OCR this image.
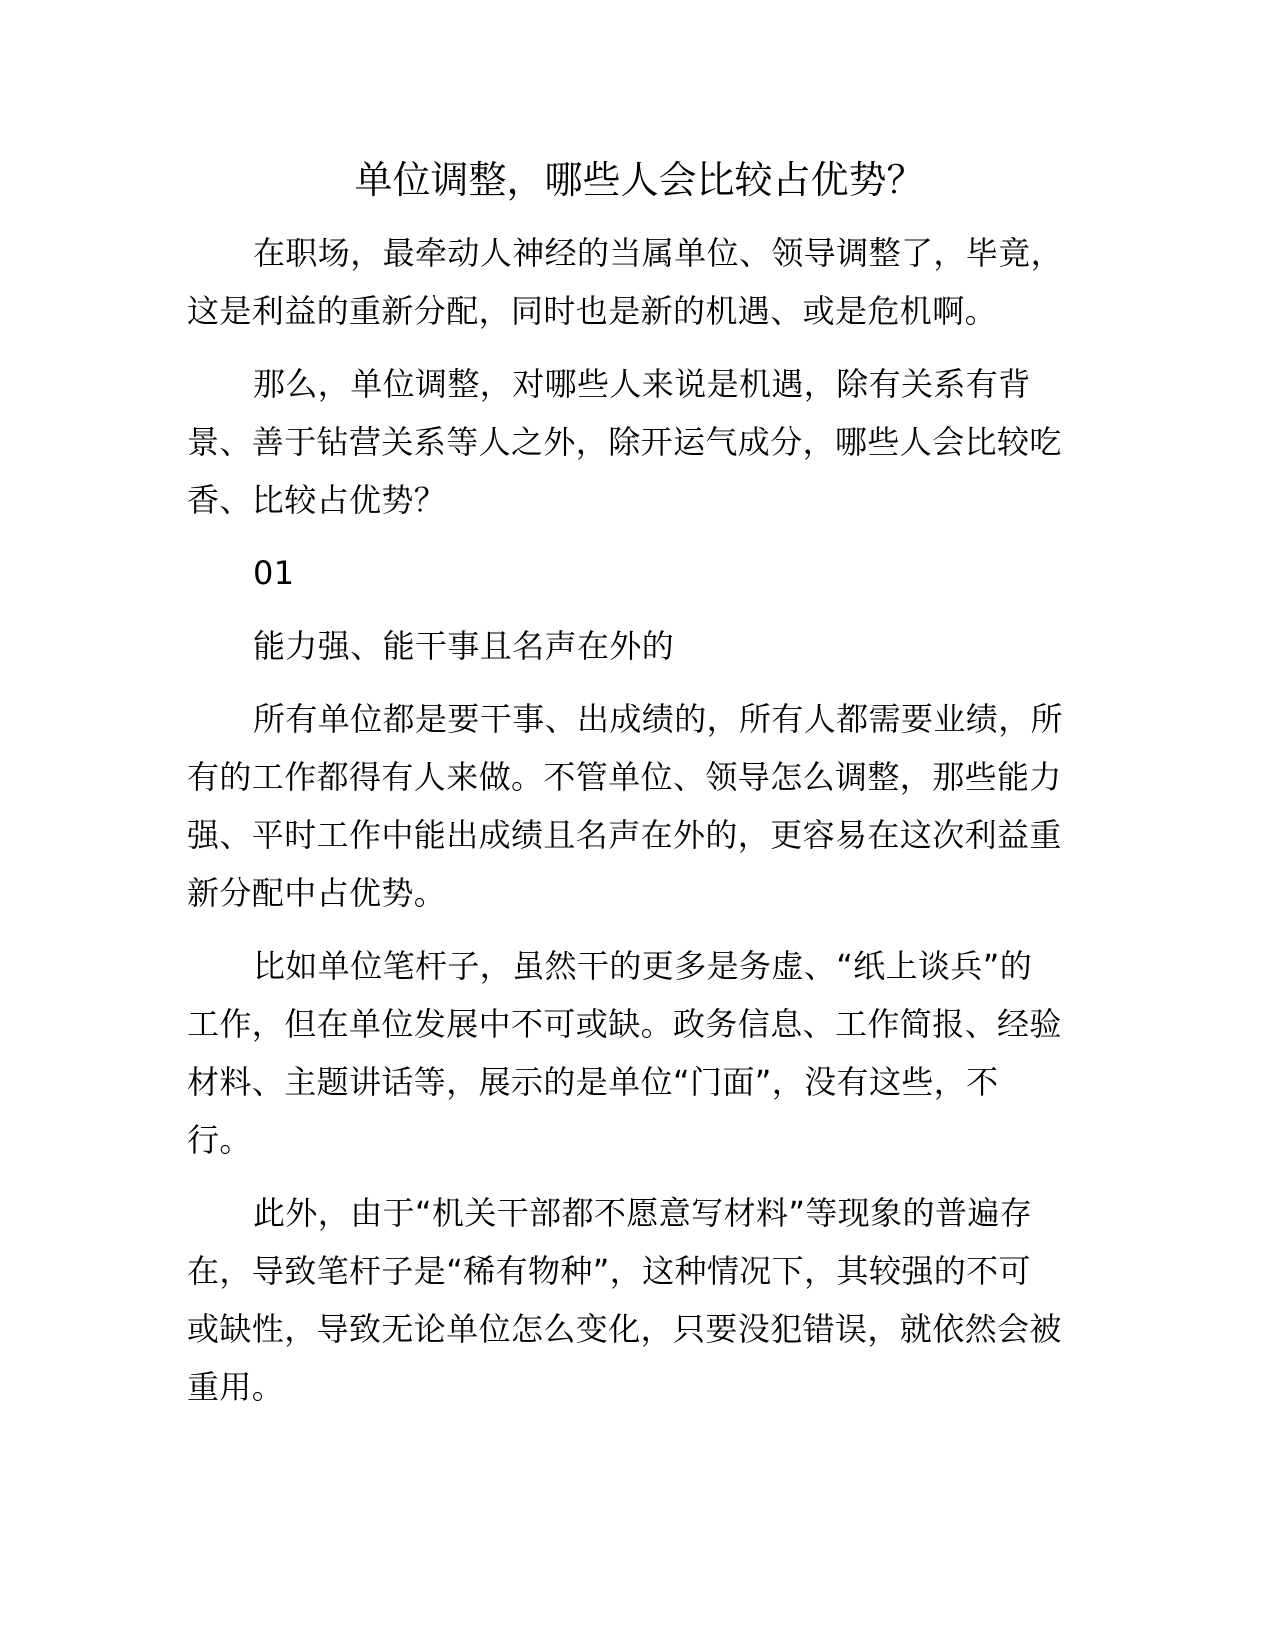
单位调整，哪些人会比较占优势？

在职场，最牵动人神经的当属单位、领导调整了，毕竟，
这是利益的重新分配，同时也是新的机遇、或是危机啊。

那么，单位调整，对哪些人来说是机遇，除有关系有背
景、善于钻营关系等人之外，除开运气成分，哪些人会比较吃
香、比较占优势？

01

能力强、能干事且名声在外的

所有单位都是要干事、出成绩的，所有人都需要业绩，所
有的工作都得有人来做。不管单位、领导怎么调整，那些能力
强、平时工作中能出成绩且名声在外的，更容易在这次利益重
新分配中占优势。

比如单位笔杆子，虽然干的更多是务虚、“纸上谈兵”的
工作，但在单位发展中不可或缺。政务信息、工作简报、经验
材料、主题讲话等，展示的是单位“门面”，没有这些，不
行。

此外，由于“机关干部都不愿意写材料”等现象的普遍存
在，导致笔杆子是“稀有物种”，这种情况下，其较强的不可
或缺性，导致无论单位怎么变化，只要没犯错误，就依然会被
重用。
